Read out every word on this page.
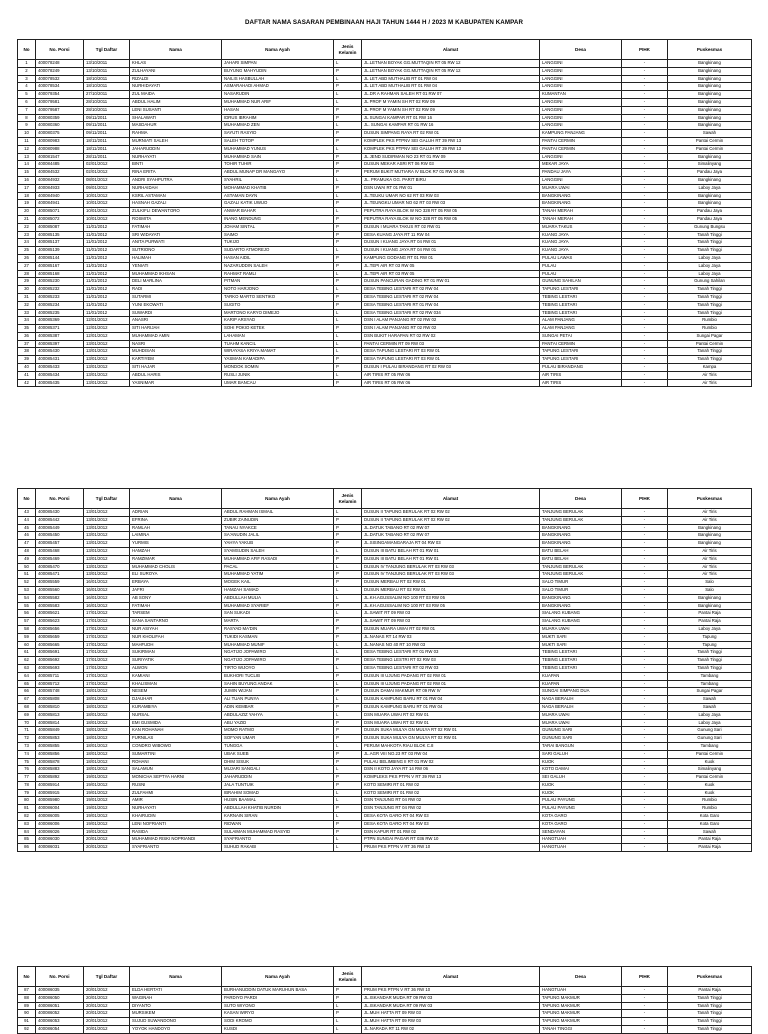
DAFTAR NAMA SASARAN PEMBINAAN HAJI TAHUN 1444 H / 2023 M KABUPATEN KAMPAR
No	No. Porsi	Tgl Daftar	Nama	Nama Ayah	Jenis Kelamin	Alamat	Desa	PIHK	Puskesmas
1	400078248	13/10/2011	KHLAS	JAHARI SIMPAN	L	JL.LETNAN BOYAK GG.MUTTAQIN RT 05 RW 12	LANGGINI	-	Bangkinang
2	400078249	13/10/2011	ZULHAYANI	BUYUNG MAHYUDIN	P	JL.LETNAN BOYAK GG.MUTTAQIN RT 05 RW 12	LANGGINI	-	Bangkinang
3	400078532	18/10/2011	RIZALDI	NAILIS HASBULLAH	L	JL LET ABD MUTHALIB RT 01 RW 04	LANGGINI	-	Bangkinang
4	400078534	18/10/2011	NURHIDAYATI	ASMARAHADI AHMAD	P	JL LET ABD MUTHALIB RT 01 RW 04	LANGGINI	-	Bangkinang
5	400079354	27/10/2011	ZUL MAIDA	NASARUDIN	L	JL.DR A RAHMAN SALEH RT 01 RW 07	KUMANTAN	-	Bangkinang
6	400079581	28/10/2011	ABDUL HALIM	MUHAMMAD NUR ARIF	L	JL PROF M YAMIN SH RT 02 RW 09	LANGGINI	-	Bangkinang
7	400079587	28/10/2011	LENI SUSANTI	HASAN	P	JL PROF M YAMIN SH RT 02 RW 09	LANGGINI	-	Bangkinang
8	400080359	09/11/2011	SHALAWATI	IDRUS IBRAHIM	P	JL SUNGAI KAMPAR RT 01 RW 16	LANGGINI	-	Bangkinang
9	400080360	09/11/2011	MASDAHUR	MUHAMMAD ZEN	L	JL. SUNGAI KAMPAR RT 01 RW 16	LANGGINI	-	Bangkinang
10	400080375	09/11/2011	RAHMA	SAYUTI RASYID	P	DUSUN SIMPANG RAYA RT 02 RW 01	KAMPUNG PANJANG	-	Sawah
11	400080983	18/11/2011	MURNIATI SALEH	SALEH TOTOP	P	KOMPLEK PKS PTPNV SEI GALUH RT 39 RW 13	PANTAI CERMIN	-	Pantai Cermin
12	400080988	18/11/2011	JAHARUDDIN	MUHAMMAD YUNUS	L	KOMPLEK PKS PTPNV SEI GALUH RT 39 RW 13	PANTAI CERMIN	-	Pantai Cermin
13	400081547	28/11/2011	NURHAYATI	MUHAMMAD SAIN	P	JL JEND SUDIRMAN NO 23 RT 01 RW 09	LANGGINI	-	Bangkinang
14	400084485	02/01/2012	BINTI	TOHIR TUHIR	P	DUSUN MEKAR ASRI RT 06 RW 03	MEKAR JAYA	-	Simalinyang
15	400084532	02/01/2012	RINA ERITA	ABDUL MUNAP DR MANGAYO	P	PERUM BUKIT MUTIARA IV BLOK R7 01 RW 04 06	PANDAU JAYA	-	Pandau Jaya
16	400084932	08/01/2012	ANDRI SYAHPUTRA	SYAHRIL	L	JL. PRAMUKA GG. PARIT BIRU	LANGGINI	-	Bangkinang
17	400084933	09/01/2012	NURHAIDAH	MOHAMMAD KHATIB	P	DSN UWAI RT 01 RW 01	MUARA UWAI	-	Laboy Jaya
18	400084940	10/01/2012	KSRIL ASTAMAN	ASTAMAN DAYN	L	JL.TEUKU UMAR NO 62 RT 03 RW 03	BANGKINANG	-	Bangkinang
19	400084941	10/01/2012	HASNAH GAZALI	GAZALI KATIK UWUO	P	JL.TEUNGKU UMAR NO 62 RT 03 RW 03	BANGKINANG	-	Bangkinang
20	400085071	10/01/2012	ZULKIFLI DEWANTORO	ANWAR BAHAR	L	PEPUTRA RAYA BLOK W NO 328 RT 05 RW 05	TANAH MERAH	-	Pandau Jaya
21	400085072	10/01/2012	ROSMITA	INANG MENDUNG	P	PEPUTRA RAYA BLOK W NO 328 RT 05 RW 05	TANAH MERAH	-	Pandau Jaya
22	400085087	11/01/2012	FATIMAH	JOHAM SINTAL	P	DUSUN I MUARA TAKUS RT 02 RW 01	MUARA TAKUS	-	Gunung Bungsu
23	400085135	11/01/2012	SRI WIDAYATI	SAIMO	P	DESA KUANG JAYA RT 11 RW 04	KUANG JAYA	-	Tanah Tinggi
24	400085137	11/01/2012	ANITA PURWATI	TUKIJO	P	DUSUN I KUANG JAYA RT 04 RW 01	KUANG JAYA	-	Tanah Tinggi
25	400085139	11/01/2012	SUTRIONO	SUDARTO ATMOREJO	L	DUSUN I KUANG JAYA RT 04 RW 01	KUANG JAYA	-	Tanah Tinggi
26	400085144	11/01/2012	HALIMAH	HASAN AIDIL	P	KAMPUNG GODANG RT 01 RW 01	PULAU LAWAS	-	Laboy Jaya
27	400085167	11/01/2012	YENIATI	NAZARUDDIN SALEH	P	JL.TEPI AIR RT 03 RW 05	PULAU	-	Laboy Jaya
28	400085168	11/01/2012	MUHAMMAD IKHSAN	RAHMAT RAMLI	L	JL.TEPI AIR RT 03 RW 05	PULAU	-	Laboy Jaya
29	400085230	11/01/2012	DELI MARLINA	PITMAN	P	DUSUN PANCURAN GADING RT 01 RW 01	GUNUNG SAHILAN	-	Gunung Sahilan
30	400085232	11/01/2012	RADI	NOTO HARJONO	L	DESA TEBING LESTARI RT 02 RW 04	TAPUNG LESTARI	-	Tanah Tinggi
31	400085233	11/01/2012	SUTARMI	TARKO MARTO SENTIKO	P	DESA TEBING LESTARI RT 02 RW 04	TEBING LESTARI	-	Tanah Tinggi
32	400085234	11/01/2012	YUNI EKOWATI	SUGITO	P	DESA TEBING LESTARI RT 01 RW 04	TEBING LESTARI	-	Tanah Tinggi
33	400085235	11/01/2012	SUWARDI	MARTONO KARYO DIMEJO	L	DESA TEBING LESTARI RT 02 RW 034	TEBING LESTARI	-	Tanah Tinggi
34	400085369	12/01/2012	ANASRI	KARIP ARSYAD	L	DSN I ALAM PANJANG RT 02 RW 02	ALAM PANJANG	-	Rumbio
35	400085371	12/01/2012	SITI HARIJAH	SOHI POKIO KETEK	P	DSN I ALAM PANJANG RT 02 RW 02	ALAM PANJANG	-	Rumbio
36	400085387	12/01/2012	MUHAMMAD AMIN	LAHAMAN	L	DSN BUKIT HARAPAN RT 02 RW 02	SUNGAI PETAI	-	Sungai Pagar
37	400085397	13/01/2012	NASRI	TUAHM KANCIL	L	PANTAI CERMIN RT 09 RW 03	PANTAI CERMIN	-	Pantai Cermin
38	400085430	13/01/2012	MUHDISAN	WIRAYASA KRIYA MAMAT	L	DESA TAPUNG LESTARI RT 03 RW 01	TAPUNG LESTARI	-	Tanah Tinggi
39	400085431	13/01/2012	KARTIYEM	YASMAN KAMADIPA	P	DESA TAPUNG LESTARI RT 03 RW 01	TAPUNG LESTARI	-	Tanah Tinggi
40	400085433	13/01/2012	SITI HAJAR	MONDOK SOMIN	P	DUSUN I PULAU BIRANDANG RT 02 RW 03	PULAU BIRANDANG	-	Kampa
41	400085434	13/01/2012	ABDUL HARIS	RUSLI JUNIK	L	AIR TIRIS RT 05 RW 06	AIR TIRIS	-	Air Tiris
42	400085435	13/01/2012	YASNIMAR	UMAR BANCAU	P	AIR TIRIS RT 05 RW 06	AIR TIRIS	-	Air Tiris
No	No. Porsi	Tgl Daftar	Nama	Nama Ayah	Jenis Kelamin	Alamat	Desa	PIHK	Puskesmas
43	400085430	13/01/2012	ADRIAN	ABDUL RAHMAN ISMAIL	L	DUSUN II TAPUNG BERULAK RT 02 RW 02	TANJUNG BERULAK	-	Air Tiris
44	400085442	13/01/2012	EFRINA	ZUBIR ZAINUDIN	P	DUSUN II TAPUNG BERULAK RT 02 RW 02	TANJUNG BERULAK	-	Air Tiris
45	400085449	13/01/2012	RAMLAH	TANAU NYAKCE	P	JL.DATUK TABANO RT 02 RW 07	BANGKINANG	-	Bangkinang
46	400085450	13/01/2012	LAIMINA	SA'ANUDIN JALIL	P	JL.DATUK TABANO RT 02 RW 07	BANGKINANG	-	Bangkinang
47	400085457	13/01/2012	YURMIS	YAHYA YAKUB	P	JL.SISINGAMANGARAJA RT 04 RW 03	BANGKINANG	-	Bangkinang
48	400085468	13/01/2012	HAMZAH	SYAMSUDIN SALEH	L	DUSUN III BATU BELAH RT 01 RW 01	BATU BELAH	-	Air Tiris
49	400085469	13/01/2012	RAMZIMAR	MUHAMMAD AFIF RASADI	P	DUSUN III BATU BELAH RT 01 RW 01	BATU BELAH	-	Air Tiris
50	400085470	13/01/2012	MUHAMMAD CHOLIS	PACAL	L	DUSUN IV TANJUNG BERULAK RT 03 RW 03	TANJUNG BERULAK	-	Air Tiris
51	400085471	13/01/2012	ELI SUROYA	MUHAMMAD YATIM	P	DUSUN IV TANJUNG BERULAK RT 03 RW 03	TANJUNG BERULAK	-	Air Tiris
52	400085559	16/01/2012	ERBAYA	MOGEK KAIL	P	DUSUN MERBAU RT 02 RW 01	SALO TIMUR	-	Salo
53	400085560	16/01/2012	JAFRI	HAMZAH SAMAD	L	DUSUN MERBAU RT 02 RW 01	SALO TIMUR	-	Salo
54	400085582	16/01/2012	AB SONY	ABDULLAH MULIA	L	JL.KH.AGUSSALIM NO 100 RT 03 RW 05	BANGKINANG	-	Bangkinang
55	400085583	16/01/2012	FATIMAH	MUHAMMAD SYARIEF	P	JL.KH.AGUSSALIM NO 100 RT 03 RW 05	BANGKINANG	-	Bangkinang
56	400085621	17/01/2012	TARSEM	SAN SUKADI	L	JL.SAWIT RT 09 RW 03	SIALANG KUBANG	-	Pantai Raja
57	400085623	17/01/2012	SANA SANTARNO	MARTA	P	JL.SAWIT RT 09 RW 03	SIALANG KUBANG	-	Pantai Raja
58	400085656	17/01/2012	NUR ASIYAH	RASYAD MA'DIN	P	DUSUN MUARA UWAI RT 02 RW 01	MUARA UWAI	-	Laboy Jaya
59	400085659	17/01/2012	NUR KHOLIFAH	TUKIDI KASMAN	P	JL.NANAS RT 14 RW 03	MUKTI SARI	-	Tapung
60	400085665	17/01/2012	MAHFUDH	MUHAMMAD MUNIF	L	JL.NANAS NO 40 RT 10 RW 03	MUKTI SARI	-	Tapung
61	400085691	17/01/2012	SUKIRMAN	NGATIJO JOPAWIRO	L	DESA TEBING LESTARI RT 01 RW 03	TEBING LESTARI	-	Tanah Tinggi
62	400085692	17/01/2012	SURIYATIK	NGATIJO JOPAWIRO	P	DESA TEBING LESTRI RT 02 RW 03	TEBING LESTARI	-	Tanah Tinggi
63	400085693	17/01/2012	ALWON	TIRTO WIJOYO	L	DESA TEBING LESTARI RT 02 RW 03	TEBING LESTARI	-	Tanah Tinggi
64	400085711	17/01/2012	KAMIANI	BUKHORI TUCLIB	P	DUSUN III UJUNG PADANG RT 02 RW 01	KUAPAN	-	Tambang
65	400085712	17/01/2012	KHALISMAN	SAHIN BUYUNG ANDAK	L	DUSUN III UJUNG PADANG RT 02 RW 01	KUAPAN	-	Tambang
66	400085748	18/01/2012	NESEM	JUMIN WIJAN	P	DUSUN DAMAI MAKMUR RT 09 RW IV	SUNGAI SIMPANG DUA	-	Sungai Pagar
67	400085808	18/01/2012	DJAUHAR	ALI TUAN PUNYA	L	DUSUN KAMPUNG BARU RT 01 RW 04	NAGA BERALIH	-	Sawah
68	400085810	18/01/2012	KURAMBIYA	ADIN KEMBAR	P	DUSUN KAMPUNG BARU RT 01 RW 04	NAGA BERALIH	-	Sawah
69	400085813	18/01/2012	NURSAL	ABDULAZIZ YAHYA	L	DSN MUARA UWAI RT 02 RW 01	MUARA UWAI	-	Laboy Jaya
70	400085814	18/01/2012	EMI GUSMIDA	ABU YAZID	P	DSN MUARA UWAI RT 02 RW 01	MUARA UWAI	-	Laboy Jaya
71	400085849	18/01/2012	KAN ROHANAH	MOMO RATMO	P	DUSUN SUKA MULYA GN MULYA RT 02 RW 01	GUNUNG SARI	-	Gunung Sari
72	400085853	18/01/2012	FURNILAS	SOFYAN UMAR	P	DUSUN SUKA MULYA GN MULYA RT 02 RW 01	GUNUNG SARI	-	Gunung Sari
73	400085855	18/01/2012	CONDRO WIBOWO	TUNGGA	L	PERUM MAHKOTA RIAU BLOK C.8	TARAI BANGUN	-	Tambang
74	400085856	18/01/2012	SUMARTINI	UBAK SUEB	P	JL.AGR VIII NO.23 RT 03 RW 04	SARI GALUH	-	Pantai Cermin
75	400085878	18/01/2012	ROHANI	DHIM SISUK	P	PULAU BELIMBING II RT 01 RW 02	KUOK	-	Kuok
76	400085883	18/01/2012	SALAMUN	MUJARI SANGALI	L	DSN II KOTO JAYA RT 14 RW 06	KOTO DAMAI	-	Simalinyang
77	400085892	19/01/2012	MONICHA SEPTYA HARNI	JAHARUDDIN	P	KOMPLEKS PKS PTPN V RT 39 RW 13	SEI GALUH	-	Pantai Cermin
78	400085914	19/01/2012	RUSNI	JALA TUNTUIK	P	KOTO SEMIRI RT 01 RW 02	KUOK	-	Kuok
79	400085915	19/01/2012	ZULFAHMI	IBRAHIM SOMAD	L	KOTO SEMIRI RT 01 RW 02	KUOK	-	Kuok
80	400085980	19/01/2012	AMIR	HUSIN BAAMAL	L	DSN TANJUNG RT 04 RW 02	PULAU PAYUNG	-	Rumbio
81	400086004	19/01/2012	NURHAYATI	ABDULLAH KHATIB NURDIN	P	DSN TANJUNG RT 04 RW 02	PULAU PAYUNG	-	Rumbio
82	400086005	19/01/2012	KHAIRUDIN	KARNAIN SIRAN	L	DESA KOTA GARO RT 04 RW 03	KOTA GARO	-	Kota Garo
83	400086006	19/01/2012	LENI NOFRIANTI	RIDWAN	P	DESA KOTA GARO RT 04 RW 03	KOTA GARO	-	Kota Garo
84	400086026	19/01/2012	RASIDA	SULAIMAN MUHAMMAD RASYID	P	DSN KAPUR RT 01 RW 02	SENDAYAN	-	Sawah
85	400086030	20/01/2012	MUHAMMAD RISKI NOPRIANDI	SYAFRIANTO	L	PTPN SUNGAI PAGAR RT 036 RW 10	HANGTUAH	-	Pantai Raja
86	400086031	20/01/2012	SYAFRIANTO	SUHUD RAKABI	L	PRUM PKS PTPN V RT 36 RW 10	HANGTUAH	-	Pantai Raja
No	No. Porsi	Tgl Daftar	Nama	Nama Ayah	Jenis Kelamin	Alamat	Desa	PIHK	Puskesmas
87	400086035	20/01/2012	ELDA HERTATI	BURHANUDDIN DATUK MARUHUN BASA	P	PRUM PKS PTPN V RT 36 RW 10	HANGTUAH	-	Pantai Raja
88	400086050	20/01/2012	WAGINAH	PARDIYO PARDI	P	JL.ISKANDAR MUDA RT 09 RW 03	TAPUNG MAKMUR	-	Tanah Tinggi
89	400086051	20/01/2012	DIYANTO	SUTO WIYONO	L	JL.ISKANDAR MUDA RT 09 RW 03	TAPUNG MAKMUR	-	Tanah Tinggi
90	400086052	20/01/2012	MURSIKEM	KASAN WIRYO	P	JL.MUH HATTA RT 09 RW 03	TAPUNG MAKMUR	-	Tanah Tinggi
91	400086053	20/01/2012	SUJUD SUWANDONO	SODI KROMO	L	JL.MUH HATTA RT 09 RW 03	TAPUNG MAKMUR	-	Tanah Tinggi
92	400086054	20/01/2012	YOYOK HANDOYO	KUSDI	L	JL.NARADA RT 11 RW 02	TANAH TINGGI	-	Tanah Tinggi
